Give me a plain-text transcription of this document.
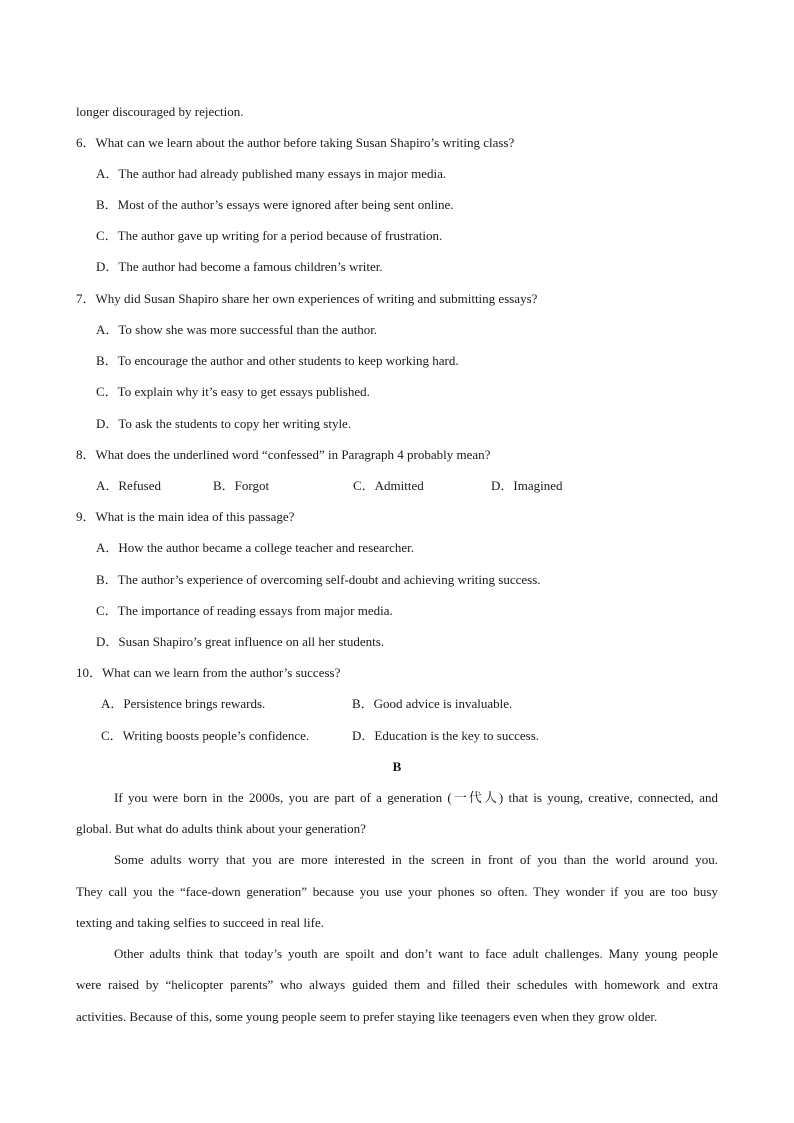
longer discouraged by rejection.
6．What can we learn about the author before taking Susan Shapiro’s writing class?
A．The author had already published many essays in major media.
B．Most of the author’s essays were ignored after being sent online.
C．The author gave up writing for a period because of frustration.
D．The author had become a famous children’s writer.
7．Why did Susan Shapiro share her own experiences of writing and submitting essays?
A．To show she was more successful than the author.
B．To encourage the author and other students to keep working hard.
C．To explain why it’s easy to get essays published.
D．To ask the students to copy her writing style.
8．What does the underlined word “confessed” in Paragraph 4 probably mean?
A．Refused	B．Forgot	C．Admitted	D．Imagined
9．What is the main idea of this passage?
A．How the author became a college teacher and researcher.
B．The author’s experience of overcoming self-doubt and achieving writing success.
C．The importance of reading essays from major media.
D．Susan Shapiro’s great influence on all her students.
10．What can we learn from the author’s success?
A．Persistence brings rewards.	B．Good advice is invaluable.
C．Writing boosts people’s confidence.	D．Education is the key to success.
B
If you were born in the 2000s, you are part of a generation (一代人) that is young, creative, connected, and
global. But what do adults think about your generation?
Some adults worry that you are more interested in the screen in front of you than the world around you.
They call you the “face-down generation” because you use your phones so often. They wonder if you are too busy
texting and taking selfies to succeed in real life.
Other adults think that today’s youth are spoilt and don’t want to face adult challenges. Many young people
were raised by “helicopter parents” who always guided them and filled their schedules with homework and extra
activities. Because of this, some young people seem to prefer staying like teenagers even when they grow older.
